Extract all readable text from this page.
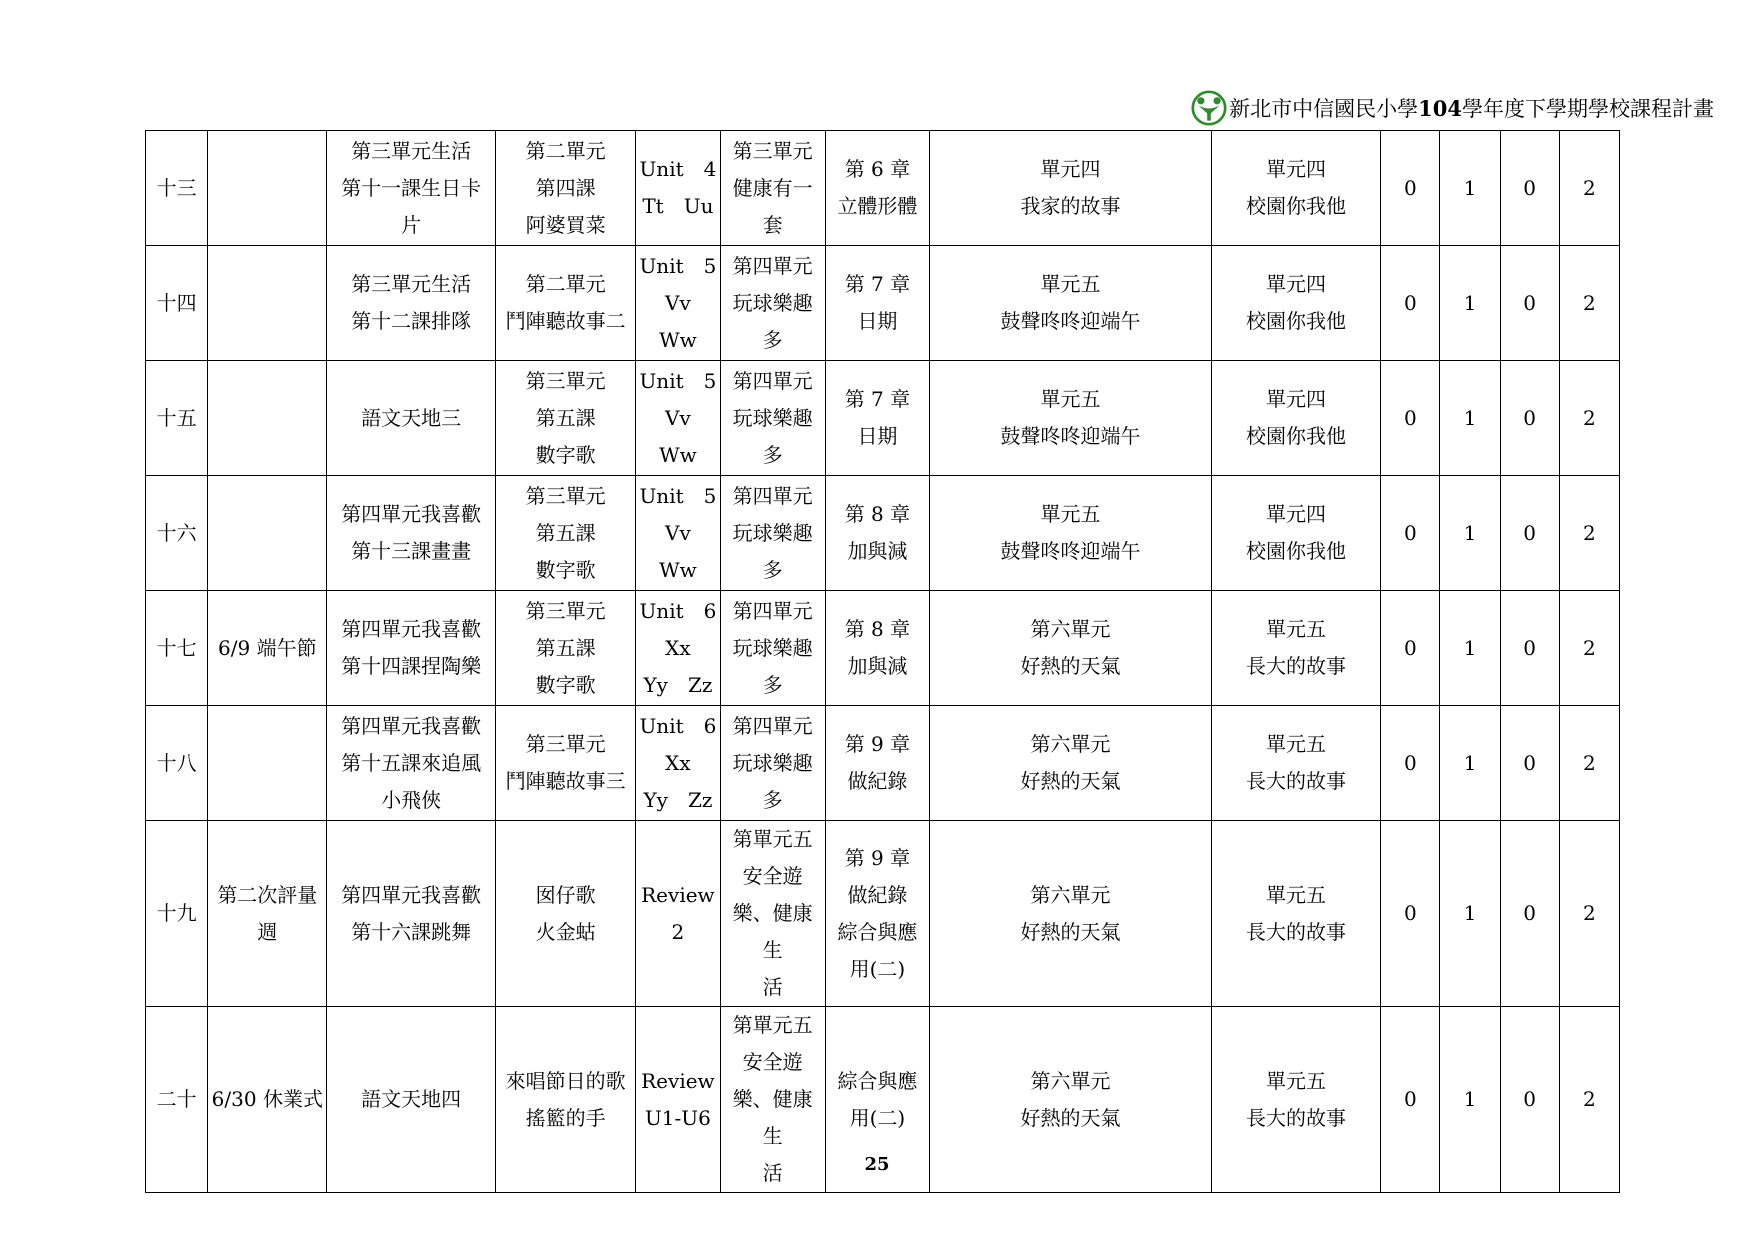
新北市中信國民小學104學年度下學期學校課程計畫
十三		第三單元生活
第十一課生日卡
片	第二單元
第四課
阿婆買菜	Unit　4
Tt　Uu	第三單元
健康有一
套	第 6 章
立體形體	單元四
我家的故事	單元四
校園你我他	0	1	0	2
十四		第三單元生活
第十二課排隊	第二單元
鬥陣聽故事二	Unit　5
Vv
Ww	第四單元
玩球樂趣
多	第 7 章
日期	單元五
鼓聲咚咚迎端午	單元四
校園你我他	0	1	0	2
十五		語文天地三	第三單元
第五課
數字歌	Unit　5
Vv
Ww	第四單元
玩球樂趣
多	第 7 章
日期	單元五
鼓聲咚咚迎端午	單元四
校園你我他	0	1	0	2
十六		第四單元我喜歡
第十三課畫畫	第三單元
第五課
數字歌	Unit　5
Vv
Ww	第四單元
玩球樂趣
多	第 8 章
加與減	單元五
鼓聲咚咚迎端午	單元四
校園你我他	0	1	0	2
十七	6/9 端午節	第四單元我喜歡
第十四課捏陶樂	第三單元
第五課
數字歌	Unit　6
Xx
Yy　Zz	第四單元
玩球樂趣
多	第 8 章
加與減	第六單元
好熱的天氣	單元五
長大的故事	0	1	0	2
十八		第四單元我喜歡
第十五課來追風
小飛俠	第三單元
鬥陣聽故事三	Unit　6
Xx
Yy　Zz	第四單元
玩球樂趣
多	第 9 章
做紀錄	第六單元
好熱的天氣	單元五
長大的故事	0	1	0	2
十九	第二次評量
週	第四單元我喜歡
第十六課跳舞	囡仔歌
火金蛄	Review
2	第單元五
安全遊
樂、健康生
活	第 9 章
做紀錄
綜合與應
用(二)	第六單元
好熱的天氣	單元五
長大的故事	0	1	0	2
二十	6/30 休業式	語文天地四	來唱節日的歌
搖籃的手	Review
U1-U6	第單元五
安全遊
樂、健康生
活	綜合與應
用(二)	第六單元
好熱的天氣	單元五
長大的故事	0	1	0	2
25
